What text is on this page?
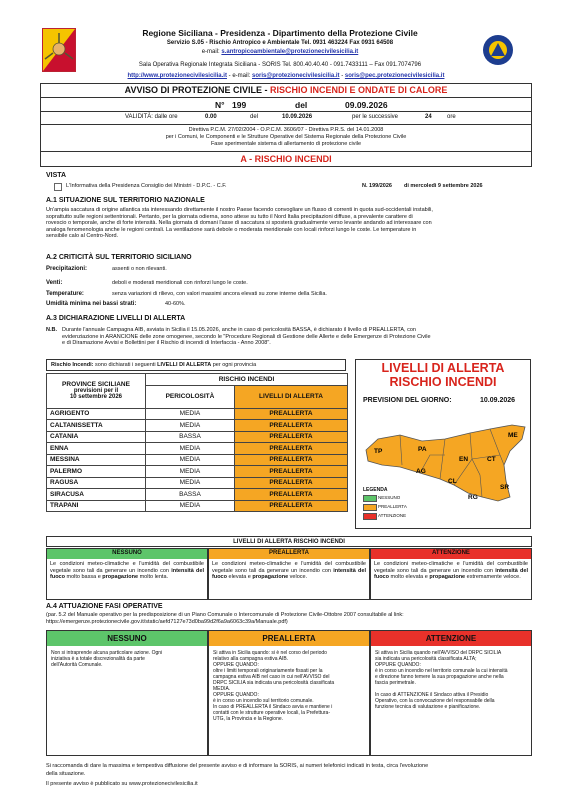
Regione Siciliana - Presidenza - Dipartimento della Protezione Civile
Servizio S.05 - Rischio Antropico e Ambientale Tel. 0931 463224 Fax 0931 64508
e-mail: s.antropicoambientale@protezionecivilesicilia.it
Sala Operativa Regionale Integrata Siciliana - SORIS Tel. 800.40.40.40 - 091.7433111 – Fax 091.7074796
http://www.protezionecivilesicilia.it - e-mail: soris@protezionecivilesicilia.it - soris@pec.protezionecivilesicilia.it
AVVISO DI PROTEZIONE CIVILE - RISCHIO INCENDI E ONDATE DI CALORE
N° 199	del	09.09.2026
VALIDITÀ: dalle ore	0.00	del	10.09.2026	per le successive	24	ore
Direttiva P.C.M. 27/02/2004 - O.P.C.M. 3606/07 - Direttiva P.R.S. del 14.01.2008
per i Comuni, le Componenti e le Strutture Operative del Sistema Regionale della Protezione Civile
Fase sperimentale sistema di allertamento di protezione civile
A - RISCHIO INCENDI
VISTA
L'Informativa della Presidenza Consiglio dei Ministri - D.P.C. - C.F.	N. 199/2026 di mercoledì 9 settembre 2026
A.1 SITUAZIONE SUL TERRITORIO NAZIONALE
Un'ampia saccatura di origine atlantica sta interessando direttamente il nostro Paese facendo convogliare un flusso di correnti in quota sud-occidentali instabili,
soprattutto sulle regioni settentrionali. Pertanto, per la giornata odierna, sono attese su tutto il Nord Italia precipitazioni diffuse, a prevalente carattere di
rovescio o temporale, anche di forte intensità. Nella giornata di domani l'asse di saccatura si sposterà gradualmente verso levante andando ad interessare con
analoga fenomenologia anche le regioni centrali. La ventilazione sarà debole o moderata meridionale con locali rinforzi lungo le coste. Le temperature in
sensibile calo al Centro-Nord.
A.2 CRITICITÀ SUL TERRITORIO SICILIANO
Precipitazioni:	assenti o non rilevanti.
Venti:	deboli e moderati meridionali con rinforzi lungo le coste.
Temperature:	senza variazioni di rilievo, con valori massimi ancora elevati su zone interne della Sicilia.
Umidità minima nei bassi strati:	40-60%.
A.3 DICHIARAZIONE LIVELLI DI ALLERTA
N.B. Durante l'annuale Campagna AIB, avviata in Sicilia il 15.05.2026, anche in caso di pericolosità BASSA, è dichiarato il livello di PREALLERTA, con
evidenziazione in ARANCIONE delle zone omogenee, secondo le "Procedure Regionali di Gestione delle Allerte e delle Emergenze di Protezione Civile
e di Diramazione Avvisi e Bollettini per il Rischio di incendi di Interfaccia - Anno 2008".
Rischio Incendi: sono dichiarati i seguenti LIVELLI DI ALLERTA per ogni provincia
PROVINCE SICILIANE
previsioni per il
10 settembre 2026	RISCHIO INCENDI	
	PERICOLOSITÀ	LIVELLI DI ALLERTA
AGRIGENTO	MEDIA	PREALLERTA
CALTANISSETTA	MEDIA	PREALLERTA
CATANIA	BASSA	PREALLERTA
ENNA	MEDIA	PREALLERTA
MESSINA	MEDIA	PREALLERTA
PALERMO	MEDIA	PREALLERTA
RAGUSA	MEDIA	PREALLERTA
SIRACUSA	BASSA	PREALLERTA
TRAPANI	MEDIA	PREALLERTA
LIVELLI DI ALLERTA
RISCHIO INCENDI
PREVISIONI DEL GIORNO:	10.09.2026
ME
PA
TP
EN	CT
AG
CL
SR
RG
LEGENDA
NESSUNO
PREALLERTA
ATTENZIONE
LIVELLI DI ALLERTA RISCHIO INCENDI
NESSUNO
Le condizioni meteo-climatiche e l'umidità del combustibile vegetale sono tali da generare un incendio con intensità del fuoco molto bassa e propagazione molto lenta.
PREALLERTA
Le condizioni meteo-climatiche e l'umidità del combustibile vegetale sono tali da generare un incendio con intensità del fuoco elevata e propagazione veloce.
ATTENZIONE
Le condizioni meteo-climatiche e l'umidità del combustibile vegetale sono tali da generare un incendio con intensità del fuoco molto elevata e propagazione estremamente veloce.
A.4 ATTUAZIONE FASI OPERATIVE
(par. 5.2 del Manuale operativo per la predisposizione di un Piano Comunale o Intercomunale di Protezione Civile-Ottobre 2007 consultabile al link:
https://emergenze.protezionecivile.gov.it/static/aefd7127e73d0ba99d2f6a9a6063c39a/Manuale.pdf)
NESSUNO
Non si intraprende alcuna particolare azione. Ogni
iniziativa è a totale discrezionalità da parte
dell'Autorità Comunale.
PREALLERTA
Si attiva in Sicilia quando: si è nel corso del periodo
relativo alla campagna estiva AIB.
OPPURE QUANDO:
oltre i limiti temporali originariamente fissati per la
campagna estiva AIB nel caso in cui nell'AVVISO del
DRPC SICILIA sia indicata una pericolosità classificata
MEDIA.
OPPURE QUANDO:
è in corso un incendio sul territorio comunale.
In caso di PREALLERTA il Sindaco avvia e mantiene i
contatti con le strutture operative locali, la Prefettura-
UTG, la Provincia e la Regione.
ATTENZIONE
Si attiva in Sicilia quando nell'AVVISO del DRPC SICILIA
sia indicata una pericolosità classificata ALTA;
OPPURE QUANDO:
è in corso un incendio nel territorio comunale la cui intensità
e direzione fanno temere la sua propagazione anche nella
fascia perimetrale.
In caso di ATTENZIONE il Sindaco attiva il Presidio
Operativo, con la convocazione del responsabile della
funzione tecnica di valutazione e pianificazione.
Si raccomanda di dare la massima e tempestiva diffusione del presente avviso e di informare la SORIS, ai numeri telefonici indicati in testa, circa l'evoluzione
della situazione.
Il presente avviso è pubblicato su www.protezionecivilesicilia.it
